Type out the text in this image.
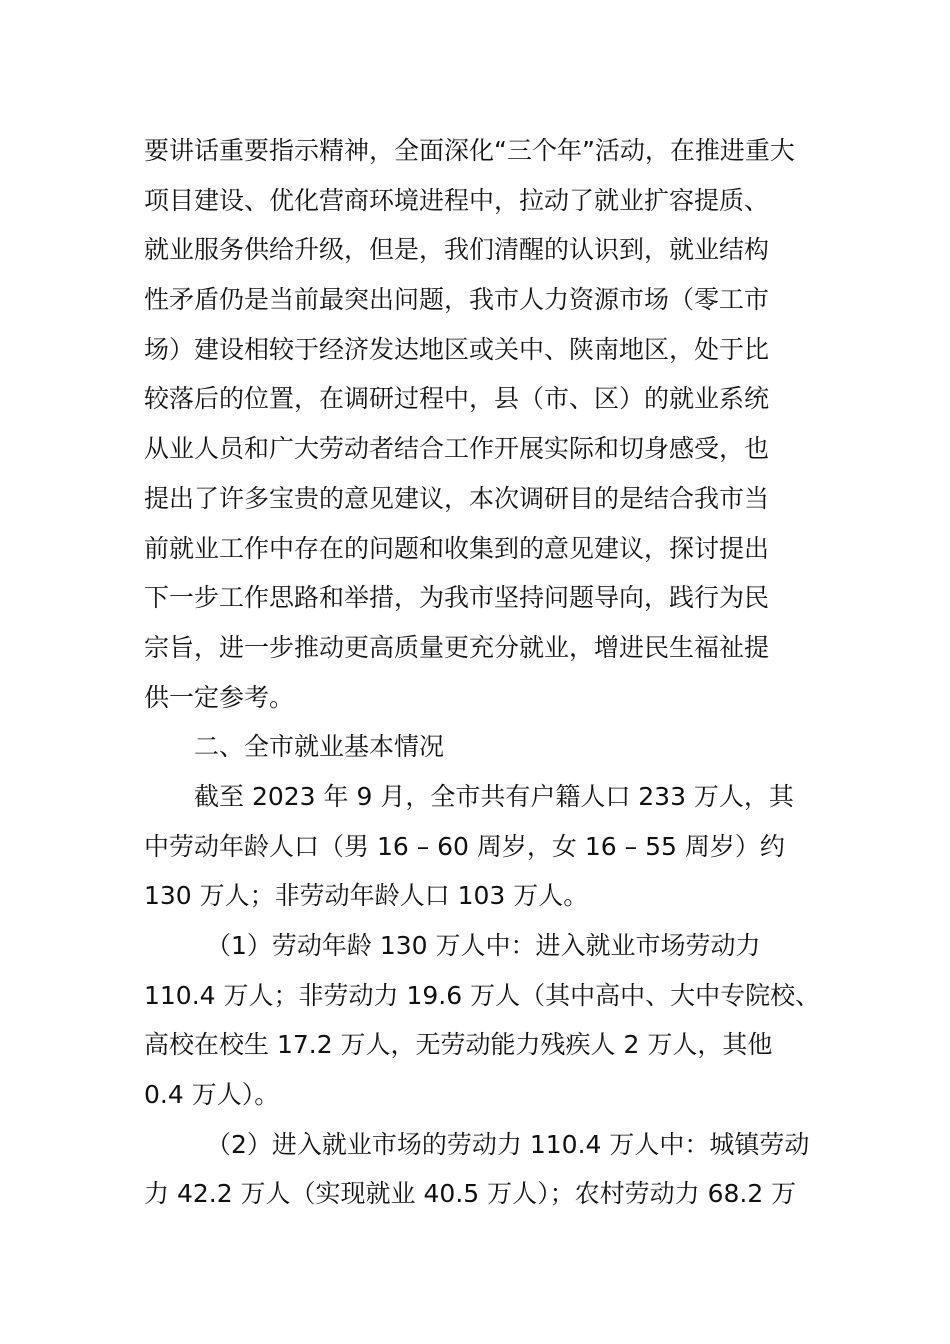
要讲话重要指示精神，全面深化“三个年”活动，在推进重大
项目建设、优化营商环境进程中，拉动了就业扩容提质、
就业服务供给升级，但是，我们清醒的认识到，就业结构
性矛盾仍是当前最突出问题，我市人力资源市场（零工市
场）建设相较于经济发达地区或关中、陕南地区，处于比
较落后的位置，在调研过程中，县（市、区）的就业系统
从业人员和广大劳动者结合工作开展实际和切身感受，也
提出了许多宝贵的意见建议，本次调研目的是结合我市当
前就业工作中存在的问题和收集到的意见建议，探讨提出
下一步工作思路和举措，为我市坚持问题导向，践行为民
宗旨，进一步推动更高质量更充分就业，增进民生福祉提
供一定参考。
二、全市就业基本情况
截至 2023 年 9 月，全市共有户籍人口 233 万人，其
中劳动年龄人口（男 16 – 60 周岁，女 16 – 55 周岁）约
130 万人；非劳动年龄人口 103 万人。
（1）劳动年龄 130 万人中：进入就业市场劳动力
110.4 万人；非劳动力 19.6 万人（其中高中、大中专院校、
高校在校生 17.2 万人，无劳动能力残疾人 2 万人，其他
0.4 万人）。
（2）进入就业市场的劳动力 110.4 万人中：城镇劳动
力 42.2 万人（实现就业 40.5 万人）；农村劳动力 68.2 万
